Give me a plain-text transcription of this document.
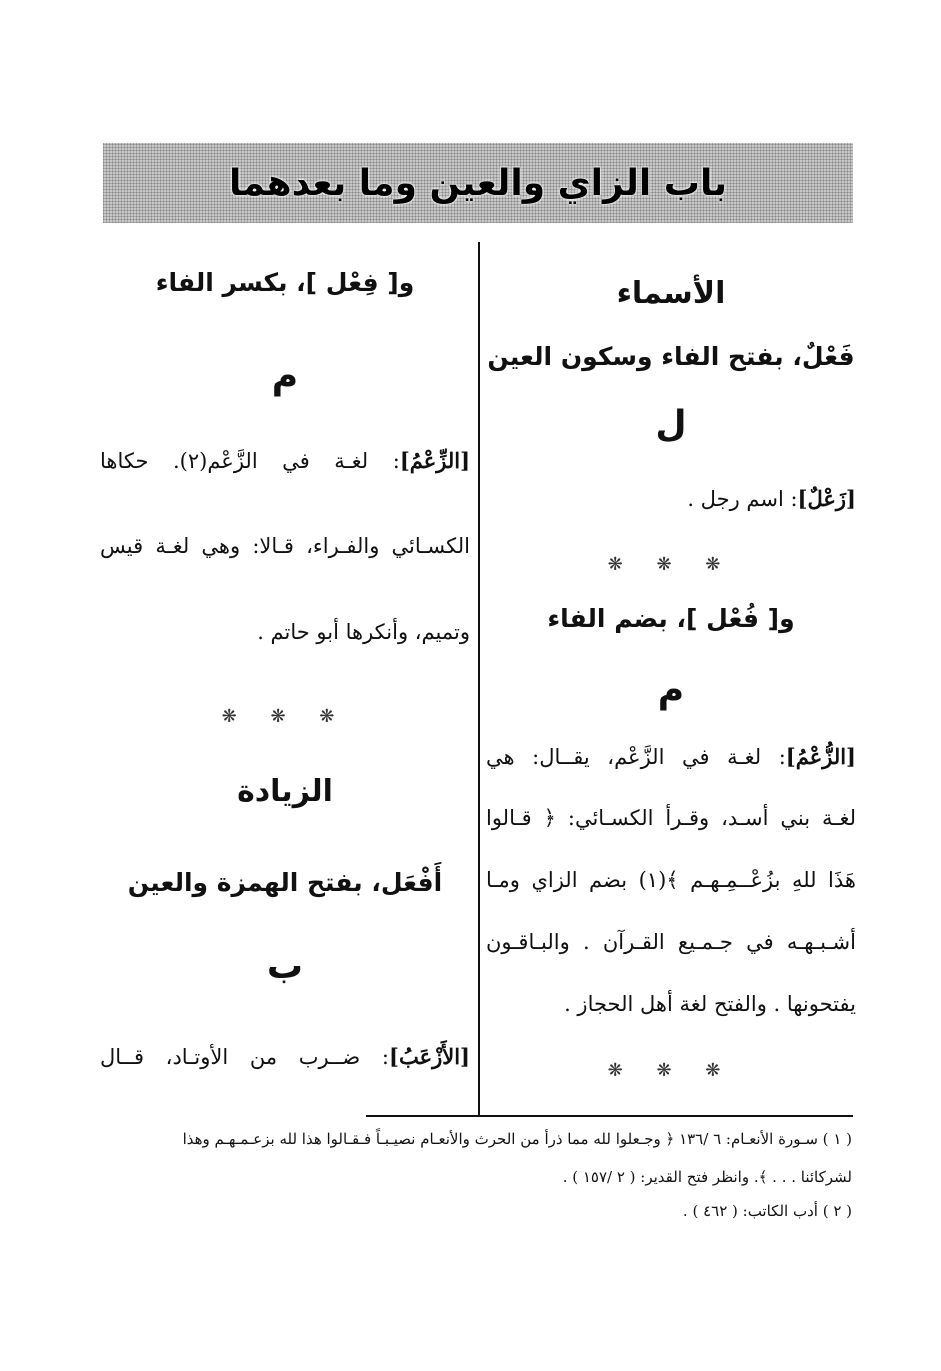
باب الزاي والعين وما بعدهما
الأسماء
فَعْلٌ، بفتح الفاء وسكون العين
ل
[زَعْلٌ]: اسم رجل .
❋ ❋ ❋
و[ فُعْل ]، بضم الفاء
م
[الزُّعْمُ]: لغـة في الزَّعْم، يقــال: هي
لغـة بني أسـد، وقـرأ الكسـائي: ﴿ قـالوا
هَذَا للهِ بزُعْــمِـهـم ﴾(١) بضم الزاي ومـا
أشـبـهـه في جـمـيع القـرآن . والبـاقـون
يفتحونها . والفتح لغة أهل الحجاز .
❋ ❋ ❋
و[ فِعْل ]، بكسر الفاء
م
[الزِّعْمُ]: لغـة في الزَّعْم(٢). حكاها
الكسـائي والفـراء، قـالا: وهي لغـة قيس
وتميم، وأنكرها أبو حاتم .
❋ ❋ ❋
الزيادة
أَفْعَل، بفتح الهمزة والعين
ب
[الأَزْعَبُ]: ضــرب من الأوتـاد، قــال
( ١ ) سـورة الأنعـام: ٦ /١٣٦ ﴿ وجـعلوا لله مما ذرأ من الحرث والأنعـام نصيـبـاً فـقـالوا هذا لله بزعـمـهـم وهذا
لشركائنا . . . ﴾. وانظر فتح القدير: ( ٢ /١٥٧ ) .
( ٢ ) أدب الكاتب: ( ٤٦٢ ) .
